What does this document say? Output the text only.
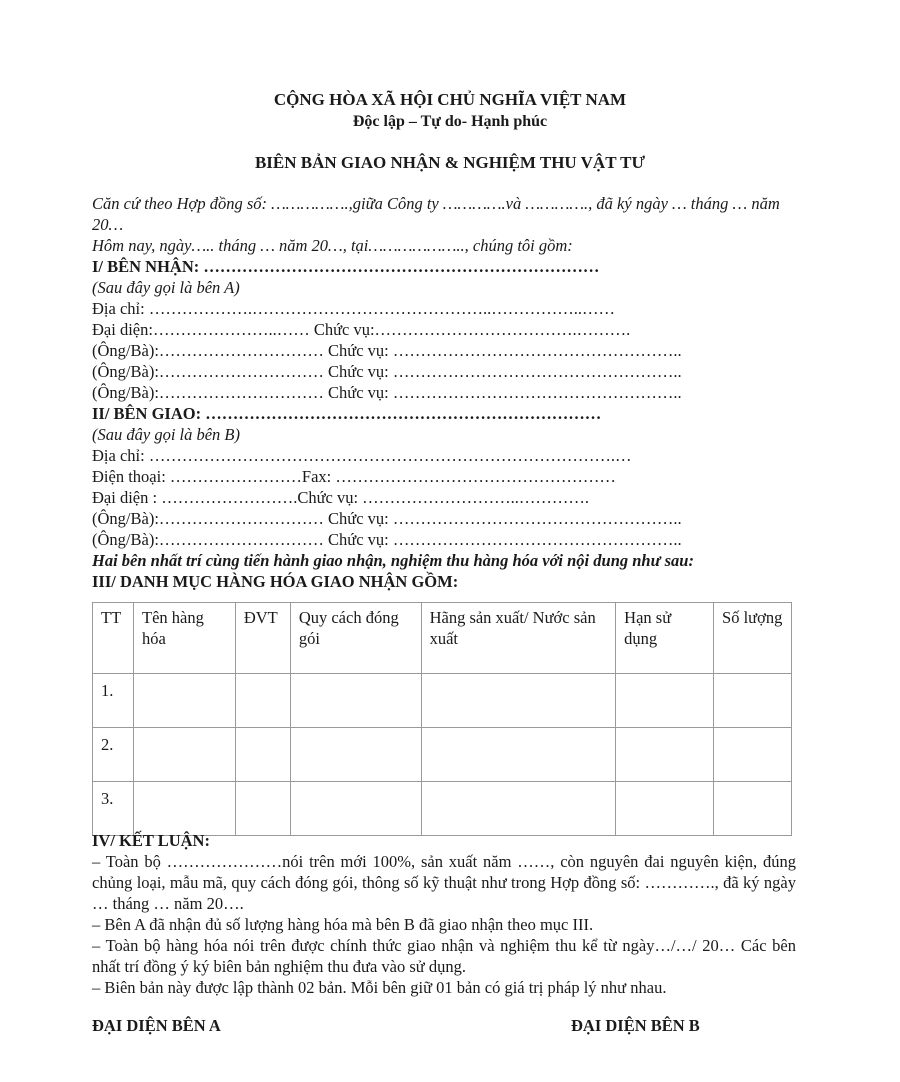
CỘNG HÒA XÃ HỘI CHỦ NGHĨA VIỆT NAM
Độc lập – Tự do- Hạnh phúc
BIÊN BẢN GIAO NHẬN & NGHIỆM THU VẬT TƯ
Căn cứ theo Hợp đồng số: …………….,giữa Công ty ………….và …………., đã ký ngày … tháng … năm 20…
Hôm nay, ngày….. tháng … năm 20…, tại……………….., chúng tôi gồm:
I/ BÊN NHẬN: ………………………………………………………………
(Sau đây gọi là bên A)
Địa chỉ: ……………….……………………………………..……………..……
Đại diện:…………………..…… Chức vụ:……………………………….……….
(Ông/Bà):………………………… Chức vụ: ……………………………………………..
(Ông/Bà):………………………… Chức vụ: ……………………………………………..
(Ông/Bà):………………………… Chức vụ: ……………………………………………..
II/ BÊN GIAO: ………………………………………………………………
(Sau đây gọi là bên B)
Địa chỉ: ………………………………………………………………………….…
Điện thoại: ……………………Fax: ……………………………………………
Đại diện : …………………….Chức vụ: ………………………..………….
(Ông/Bà):………………………… Chức vụ: ……………………………………………..
(Ông/Bà):………………………… Chức vụ: ……………………………………………..
Hai bên nhất trí cùng tiến hành giao nhận, nghiệm thu hàng hóa với nội dung như sau:
III/ DANH MỤC HÀNG HÓA GIAO NHẬN GỒM:
TT	Tên hàng hóa	ĐVT	Quy cách đóng gói	Hãng sản xuất/ Nước sản xuất	Hạn sử dụng	Số lượng
1.						
2.						
3.						
IV/ KẾT LUẬN:
– Toàn bộ …………………nói trên mới 100%, sản xuất năm ……, còn nguyên đai nguyên kiện, đúng chủng loại, mẫu mã, quy cách đóng gói, thông số kỹ thuật như trong Hợp đồng số: …………., đã ký ngày … tháng … năm 20….
– Bên A đã nhận đủ số lượng hàng hóa mà bên B đã giao nhận theo mục III.
– Toàn bộ hàng hóa nói trên được chính thức giao nhận và nghiệm thu kể từ ngày…/…/ 20… Các bên nhất trí đồng ý ký biên bản nghiệm thu đưa vào sử dụng.
– Biên bản này được lập thành 02 bản. Mỗi bên giữ 01 bản có giá trị pháp lý như nhau.
ĐẠI DIỆN BÊN A	ĐẠI DIỆN BÊN B
